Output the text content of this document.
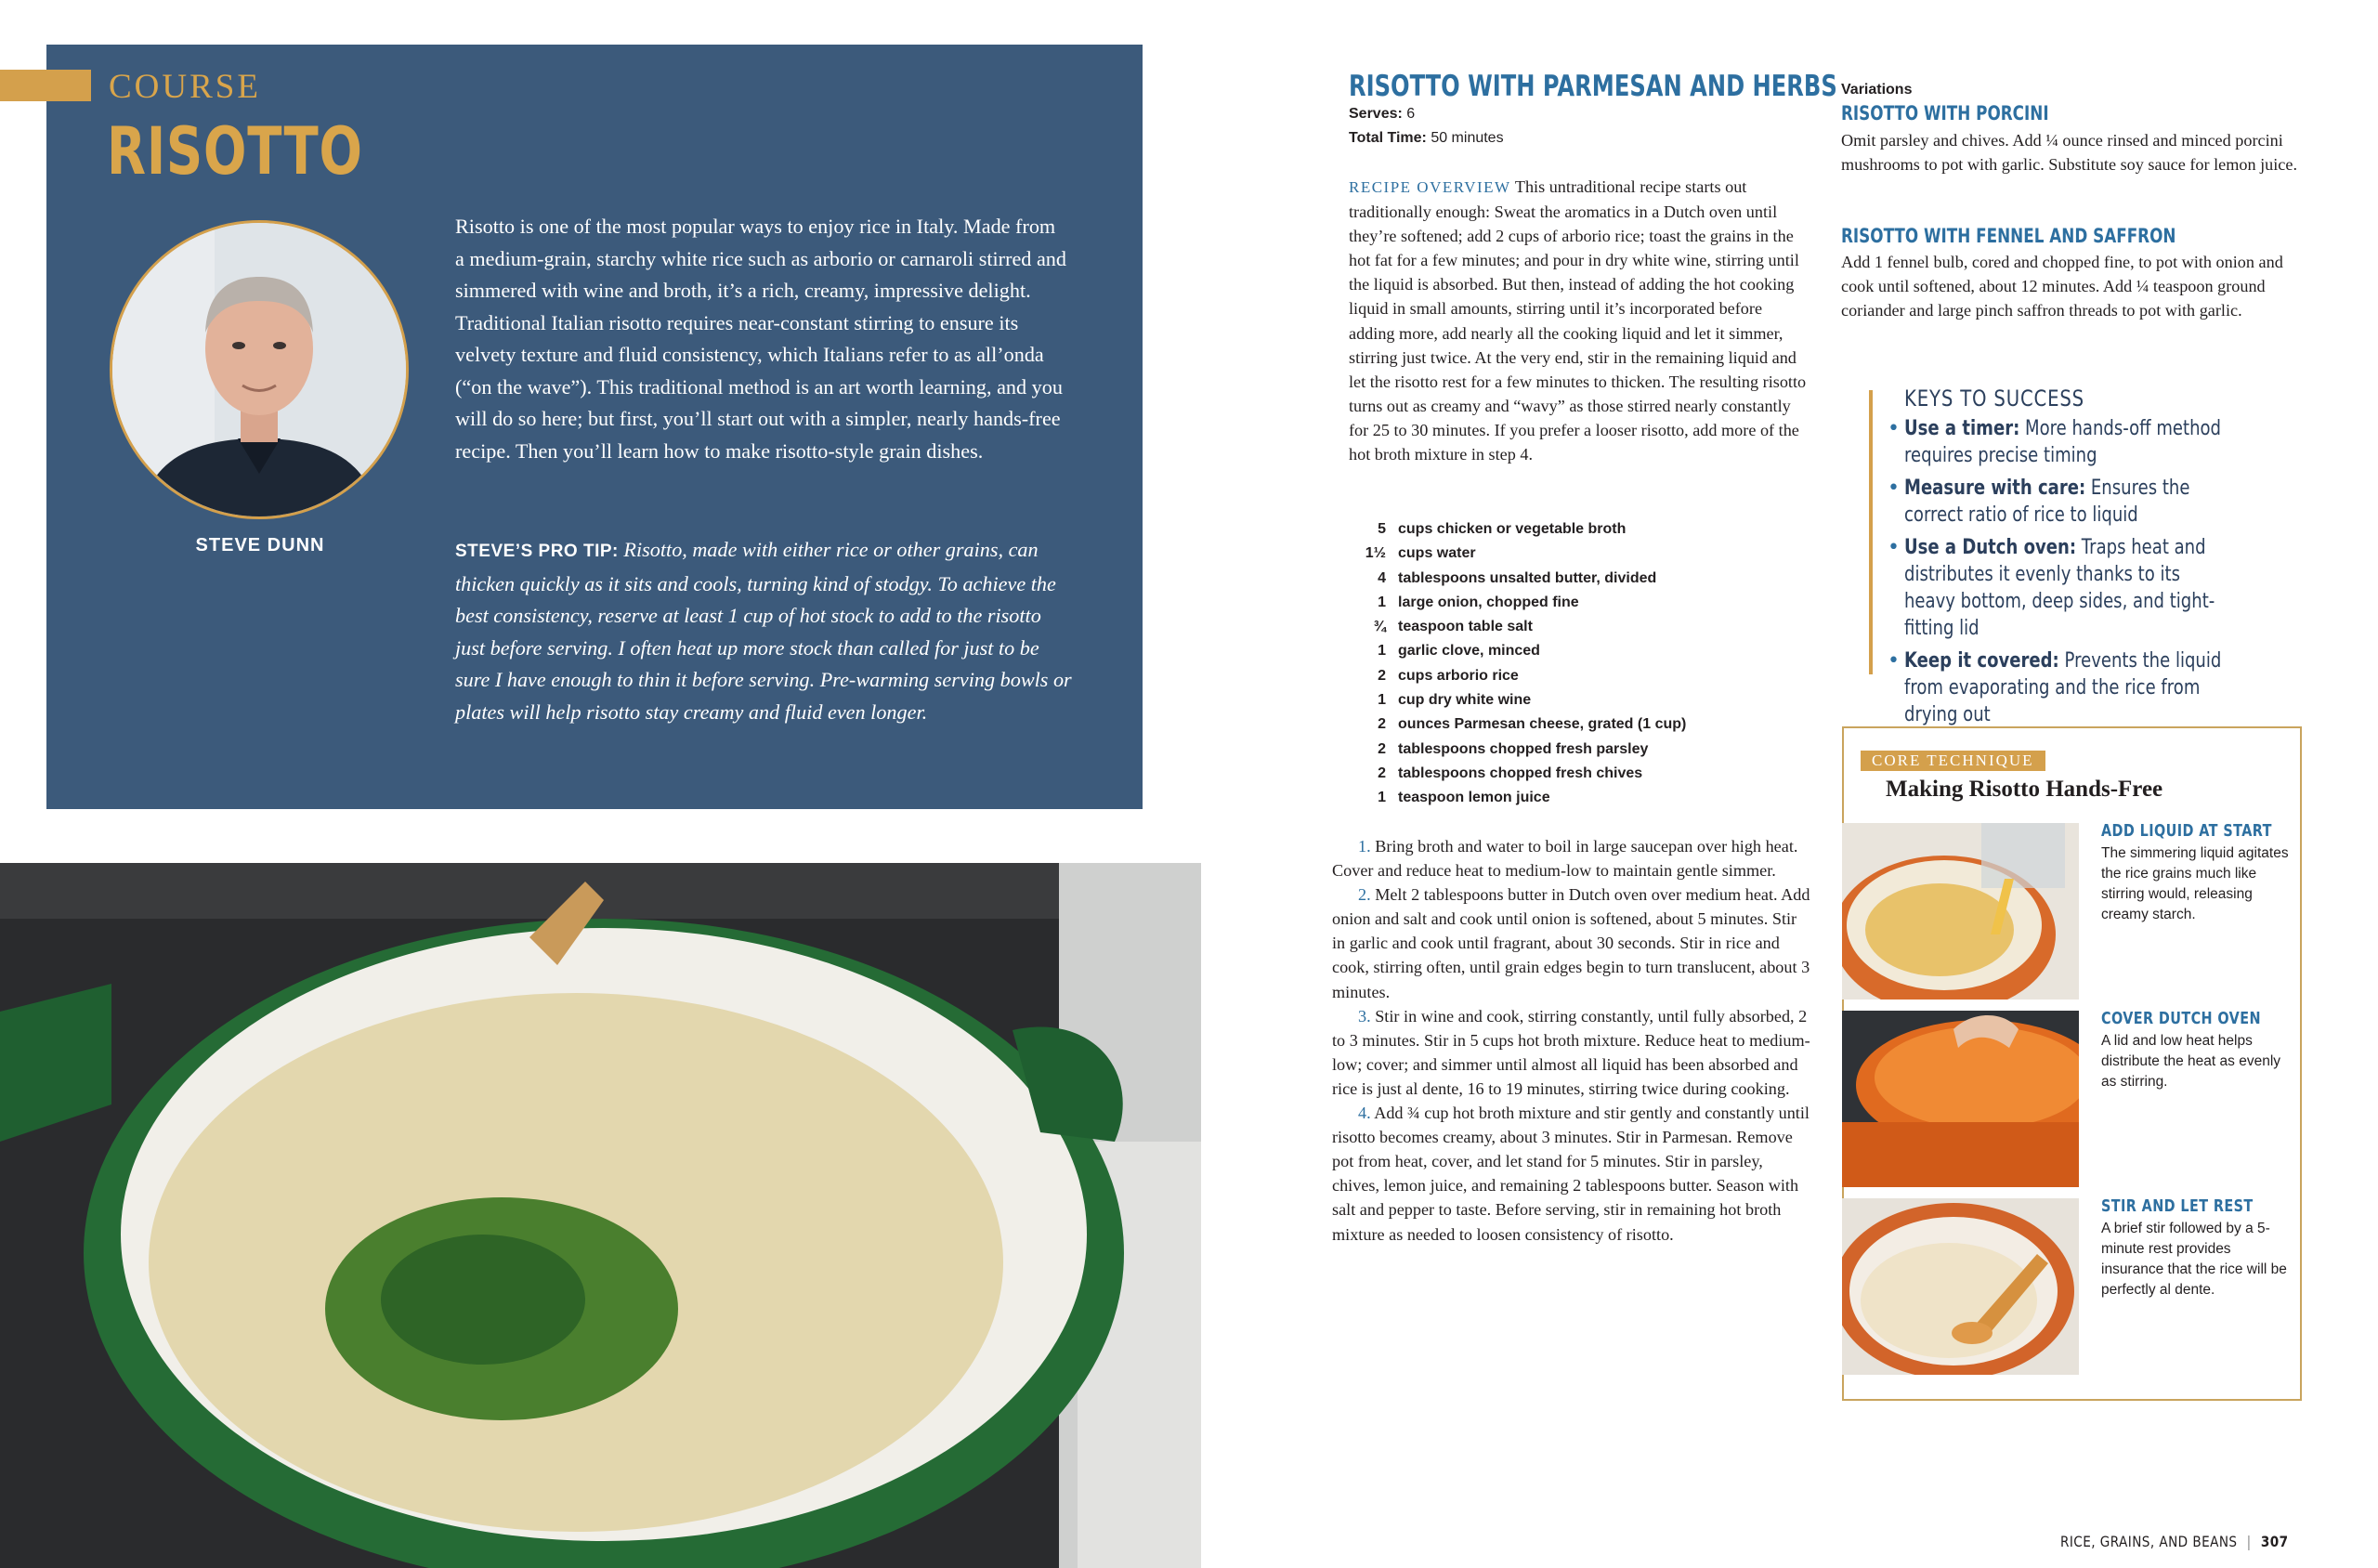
COURSE
RISOTTO
STEVE DUNN
Risotto is one of the most popular ways to enjoy rice in Italy. Made from a medium-grain, starchy white rice such as arborio or carnaroli stirred and simmered with wine and broth, it’s a rich, creamy, impressive delight. Traditional Italian risotto requires near-constant stirring to ensure its velvety texture and fluid consistency, which Italians refer to as all’onda (“on the wave”). This traditional method is an art worth learning, and you will do so here; but first, you’ll start out with a simpler, nearly hands-free recipe. Then you’ll learn how to make risotto-style grain dishes.
STEVE’S PRO TIP: Risotto, made with either rice or other grains, can thicken quickly as it sits and cools, turning kind of stodgy. To achieve the best consistency, reserve at least 1 cup of hot stock to add to the risotto just before serving. I often heat up more stock than called for just to be sure I have enough to thin it before serving. Pre-warming serving bowls or plates will help risotto stay creamy and fluid even longer.
RISOTTO WITH PARMESAN AND HERBS
Serves: 6
Total Time: 50 minutes
RECIPE OVERVIEW This untraditional recipe starts out traditionally enough: Sweat the aromatics in a Dutch oven until they’re softened; add 2 cups of arborio rice; toast the grains in the hot fat for a few minutes; and pour in dry white wine, stirring until the liquid is absorbed. But then, instead of adding the hot cooking liquid in small amounts, stirring until it’s incorporated before adding more, add nearly all the cooking liquid and let it simmer, stirring just twice. At the very end, stir in the remaining liquid and let the risotto rest for a few minutes to thicken. The resulting risotto turns out as creamy and “wavy” as those stirred nearly constantly for 25 to 30 minutes. If you prefer a looser risotto, add more of the hot broth mixture in step 4.
5 cups chicken or vegetable broth
1½ cups water
4 tablespoons unsalted butter, divided
1 large onion, chopped fine
¾ teaspoon table salt
1 garlic clove, minced
2 cups arborio rice
1 cup dry white wine
2 ounces Parmesan cheese, grated (1 cup)
2 tablespoons chopped fresh parsley
2 tablespoons chopped fresh chives
1 teaspoon lemon juice

1. Bring broth and water to boil in large saucepan over high heat. Cover and reduce heat to medium-low to maintain gentle simmer.

2. Melt 2 tablespoons butter in Dutch oven over medium heat. Add onion and salt and cook until onion is softened, about 5 minutes. Stir in garlic and cook until fragrant, about 30 seconds. Stir in rice and cook, stirring often, until grain edges begin to turn translucent, about 3 minutes.

3. Stir in wine and cook, stirring constantly, until fully absorbed, 2 to 3 minutes. Stir in 5 cups hot broth mixture. Reduce heat to medium-low; cover; and simmer until almost all liquid has been absorbed and rice is just al dente, 16 to 19 minutes, stirring twice during cooking.

4. Add ¾ cup hot broth mixture and stir gently and constantly until risotto becomes creamy, about 3 minutes. Stir in Parmesan. Remove pot from heat, cover, and let stand for 5 minutes. Stir in parsley, chives, lemon juice, and remaining 2 tablespoons butter. Season with salt and pepper to taste. Before serving, stir in remaining hot broth mixture as needed to loosen consistency of risotto.

Variations
RISOTTO WITH PORCINI
Omit parsley and chives. Add ¼ ounce rinsed and minced porcini mushrooms to pot with garlic. Substitute soy sauce for lemon juice.
RISOTTO WITH FENNEL AND SAFFRON
Add 1 fennel bulb, cored and chopped fine, to pot with onion and cook until softened, about 12 minutes. Add ¼ teaspoon ground coriander and large pinch saffron threads to pot with garlic.
KEYS TO SUCCESS
• Use a timer: More hands-off method requires precise timing
• Measure with care: Ensures the correct ratio of rice to liquid
• Use a Dutch oven: Traps heat and distributes it evenly thanks to its heavy bottom, deep sides, and tight-fitting lid
• Keep it covered: Prevents the liquid from evaporating and the rice from drying out
CORE TECHNIQUE
Making Risotto Hands-Free
ADD LIQUID AT START
The simmering liquid agitates the rice grains much like stirring would, releasing creamy starch.
COVER DUTCH OVEN
A lid and low heat helps distribute the heat as evenly as stirring.
STIR AND LET REST
A brief stir followed by a 5-minute rest provides insurance that the rice will be perfectly al dente.
RICE, GRAINS, AND BEANS | 307
